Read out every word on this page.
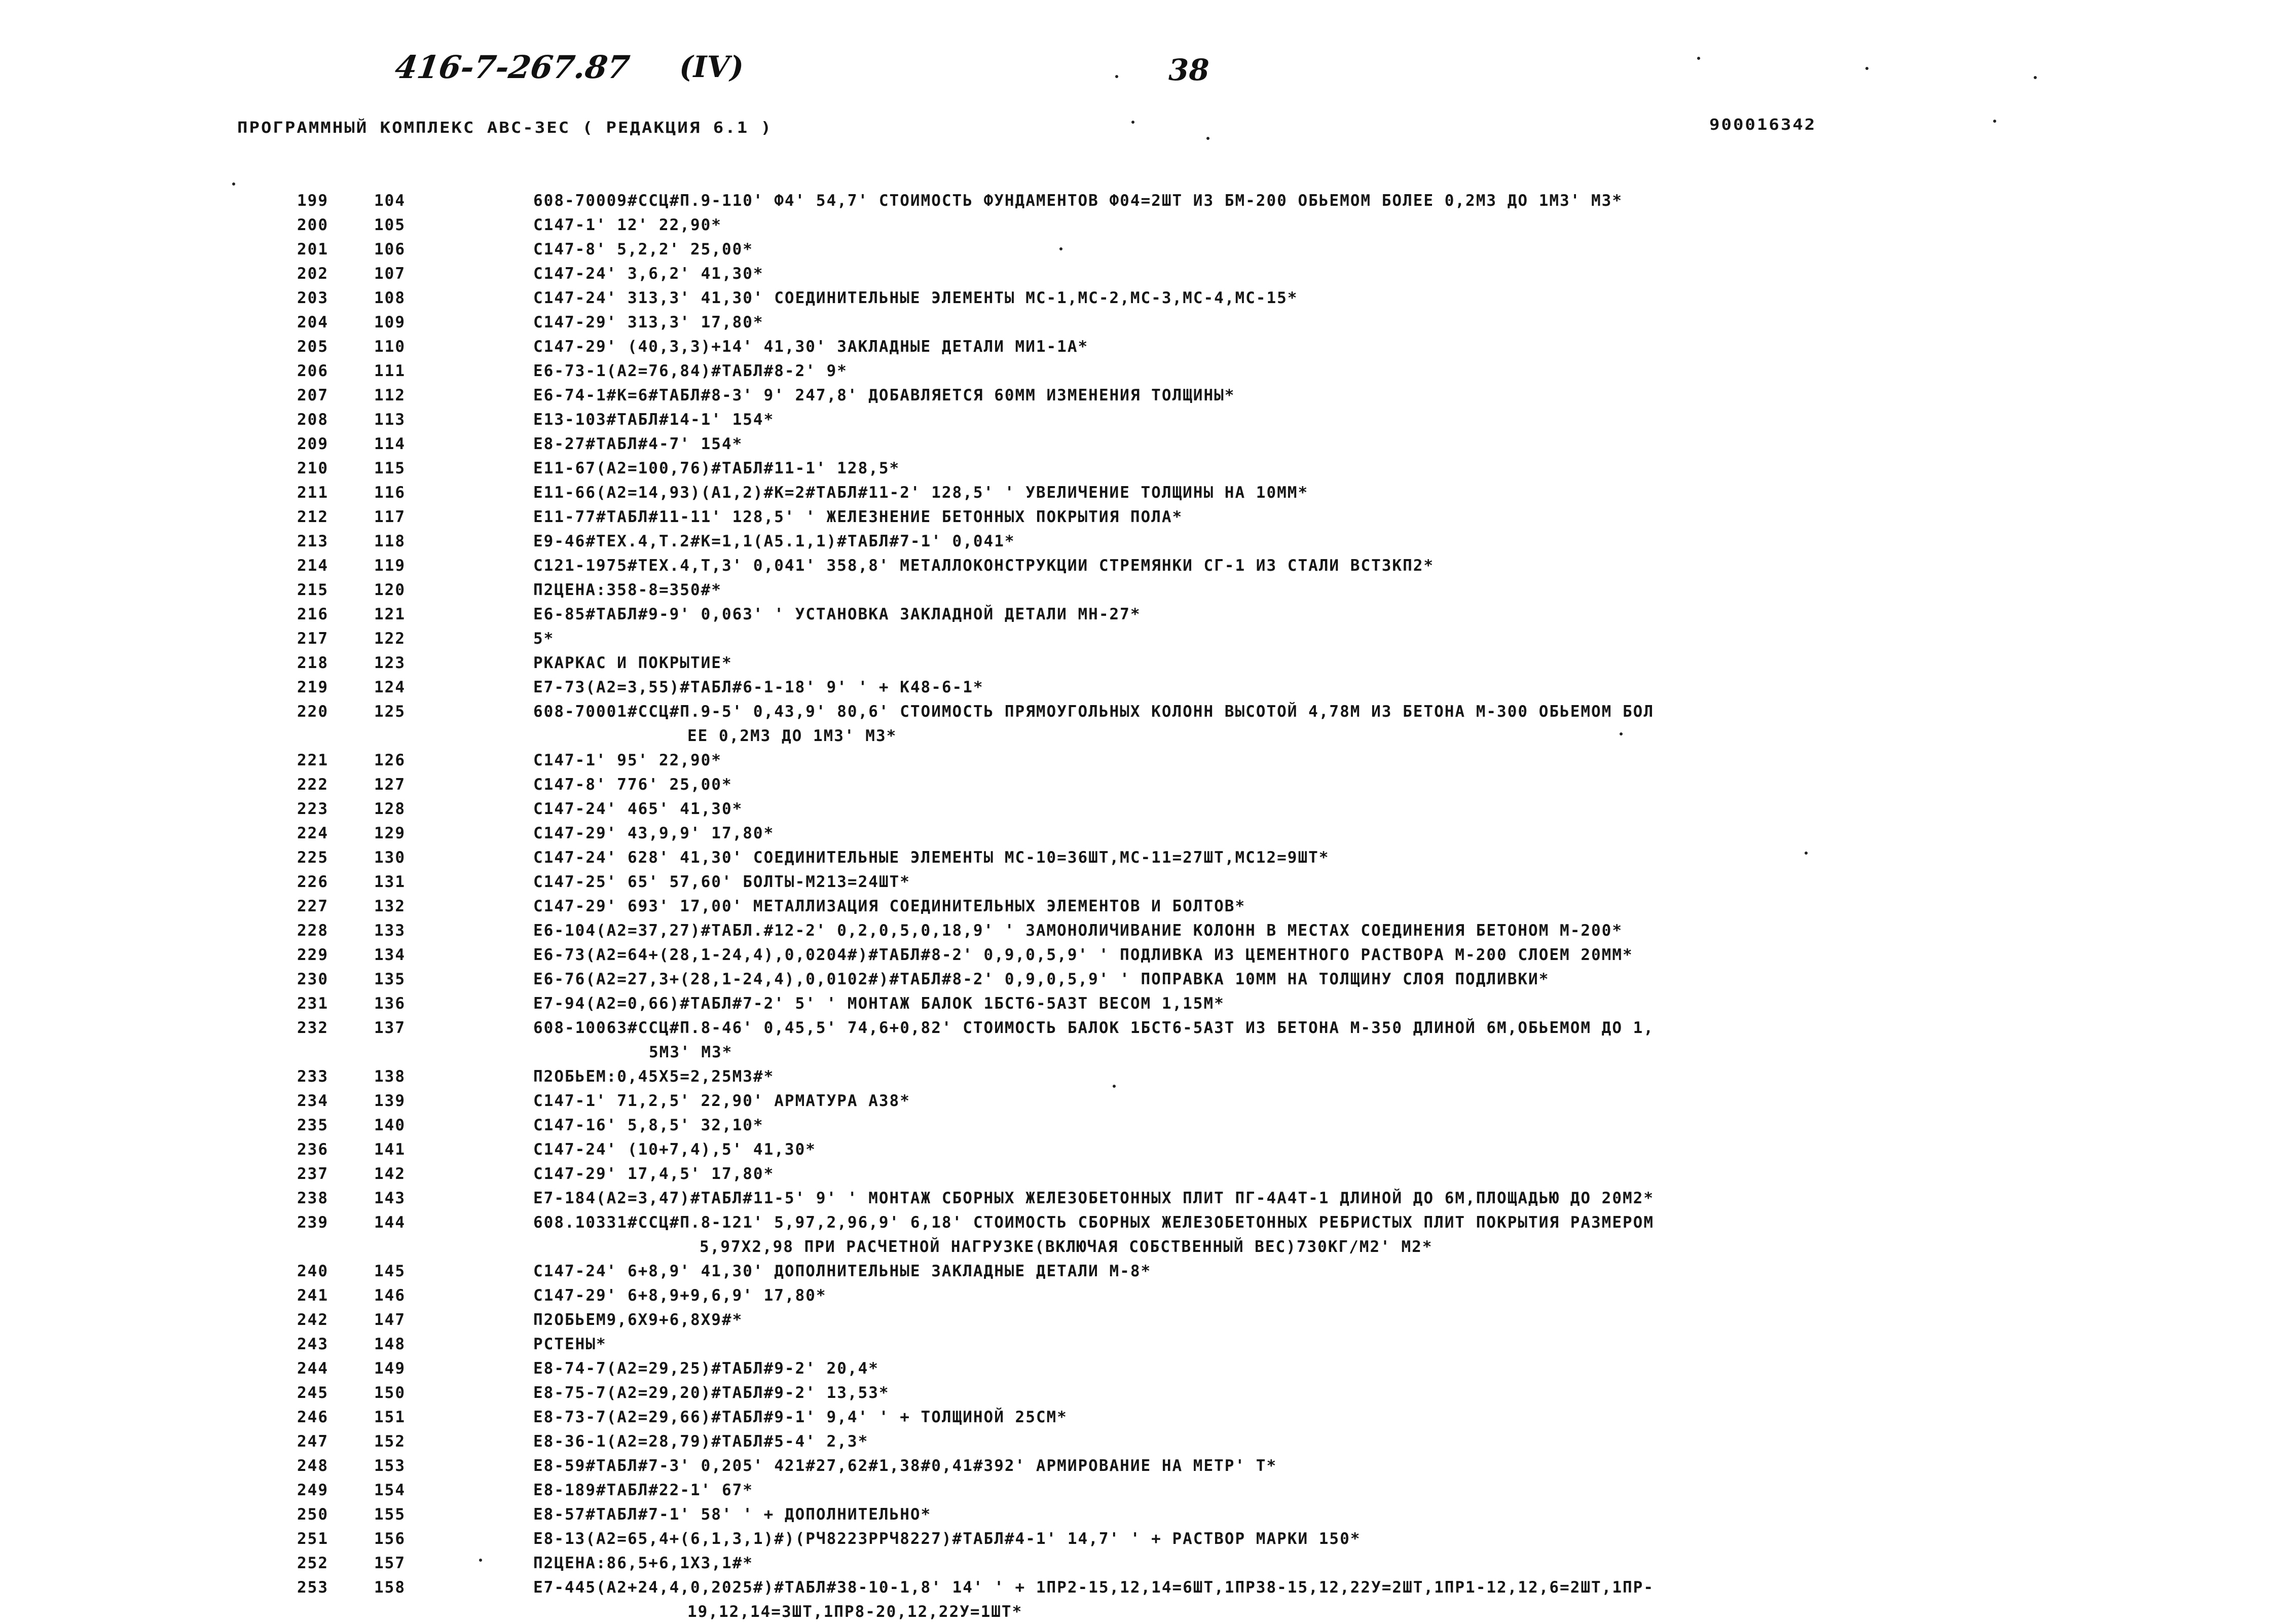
416-7-267.87 (IV)	38
ПРОГРАММНЫЙ КОМПЛЕКС АВС-3ЕС ( РЕДАКЦИЯ 6.1 )	900016342
199	104	608-70009#ССЦ#П.9-110' Ф4' 54,7' СТОИМОСТЬ ФУНДАМЕНТОВ Ф04=2ШТ ИЗ БМ-200 ОБЬЕМОМ БОЛЕЕ 0,2М3 ДО 1М3' М3*
200	105	С147-1' 12' 22,90*
201	106	С147-8' 5,2,2' 25,00*
202	107	С147-24' 3,6,2' 41,30*
203	108	С147-24' 313,3' 41,30' СОЕДИНИТЕЛЬНЫЕ ЭЛЕМЕНТЫ МС-1,МС-2,МС-3,МС-4,МС-15*
204	109	С147-29' 313,3' 17,80*
205	110	С147-29' (40,3,3)+14' 41,30' ЗАКЛАДНЫЕ ДЕТАЛИ МИ1-1А*
206	111	Е6-73-1(А2=76,84)#ТАБЛ#8-2' 9*
207	112	Е6-74-1#К=6#ТАБЛ#8-3' 9' 247,8' ДОБАВЛЯЕТСЯ 60ММ ИЗМЕНЕНИЯ ТОЛЩИНЫ*
208	113	Е13-103#ТАБЛ#14-1' 154*
209	114	Е8-27#ТАБЛ#4-7' 154*
210	115	Е11-67(А2=100,76)#ТАБЛ#11-1' 128,5*
211	116	Е11-66(А2=14,93)(А1,2)#К=2#ТАБЛ#11-2' 128,5' ' УВЕЛИЧЕНИЕ ТОЛЩИНЫ НА 10ММ*
212	117	Е11-77#ТАБЛ#11-11' 128,5' ' ЖЕЛЕЗНЕНИЕ БЕТОННЫХ ПОКРЫТИЯ ПОЛА*
213	118	Е9-46#ТЕХ.4,Т.2#К=1,1(А5.1,1)#ТАБЛ#7-1' 0,041*
214	119	С121-1975#ТЕХ.4,Т,3' 0,041' 358,8' МЕТАЛЛОКОНСТРУКЦИИ СТРЕМЯНКИ СГ-1 ИЗ СТАЛИ ВСТ3КП2*
215	120	П2ЦЕНА:358-8=350#*
216	121	Е6-85#ТАБЛ#9-9' 0,063' ' УСТАНОВКА ЗАКЛАДНОЙ ДЕТАЛИ МН-27*
217	122	5*
218	123	РКАРКАС И ПОКРЫТИЕ*
219	124	Е7-73(А2=3,55)#ТАБЛ#6-1-18' 9' ' + К48-6-1*
220	125	608-70001#ССЦ#П.9-5' 0,43,9' 80,6' СТОИМОСТЬ ПРЯМОУГОЛЬНЫХ КОЛОНН ВЫСОТОЙ 4,78М ИЗ БЕТОНА М-300 ОБЬЕМОМ БОЛ
ЕЕ 0,2М3 ДО 1М3' М3*
221	126	С147-1' 95' 22,90*
222	127	С147-8' 776' 25,00*
223	128	С147-24' 465' 41,30*
224	129	С147-29' 43,9,9' 17,80*
225	130	С147-24' 628' 41,30' СОЕДИНИТЕЛЬНЫЕ ЭЛЕМЕНТЫ МС-10=36ШТ,МС-11=27ШТ,МС12=9ШТ*
226	131	С147-25' 65' 57,60' БОЛТЫ-М213=24ШТ*
227	132	С147-29' 693' 17,00' МЕТАЛЛИЗАЦИЯ СОЕДИНИТЕЛЬНЫХ ЭЛЕМЕНТОВ И БОЛТОВ*
228	133	Е6-104(А2=37,27)#ТАБЛ.#12-2' 0,2,0,5,0,18,9' ' ЗАМОНОЛИЧИВАНИЕ КОЛОНН В МЕСТАХ СОЕДИНЕНИЯ БЕТОНОМ М-200*
229	134	Е6-73(А2=64+(28,1-24,4),0,0204#)#ТАБЛ#8-2' 0,9,0,5,9' ' ПОДЛИВКА ИЗ ЦЕМЕНТНОГО РАСТВОРА М-200 СЛОЕМ 20ММ*
230	135	Е6-76(А2=27,3+(28,1-24,4),0,0102#)#ТАБЛ#8-2' 0,9,0,5,9' ' ПОПРАВКА 10ММ НА ТОЛЩИНУ СЛОЯ ПОДЛИВКИ*
231	136	Е7-94(А2=0,66)#ТАБЛ#7-2' 5' ' МОНТАЖ БАЛОК 1БСТ6-5А3Т ВЕСОМ 1,15М*
232	137	608-10063#ССЦ#П.8-46' 0,45,5' 74,6+0,82' СТОИМОСТЬ БАЛОК 1БСТ6-5А3Т ИЗ БЕТОНА М-350 ДЛИНОЙ 6М,ОБЬЕМОМ ДО 1,
5М3' М3*
233	138	П2ОБЬЕМ:0,45Х5=2,25М3#*
234	139	С147-1' 71,2,5' 22,90' АРМАТУРА А38*
235	140	С147-16' 5,8,5' 32,10*
236	141	С147-24' (10+7,4),5' 41,30*
237	142	С147-29' 17,4,5' 17,80*
238	143	Е7-184(А2=3,47)#ТАБЛ#11-5' 9' ' МОНТАЖ СБОРНЫХ ЖЕЛЕЗОБЕТОННЫХ ПЛИТ ПГ-4А4Т-1 ДЛИНОЙ ДО 6М,ПЛОЩАДЬЮ ДО 20М2*
239	144	608.10331#ССЦ#П.8-121' 5,97,2,96,9' 6,18' СТОИМОСТЬ СБОРНЫХ ЖЕЛЕЗОБЕТОННЫХ РЕБРИСТЫХ ПЛИТ ПОКРЫТИЯ РАЗМЕРОМ
5,97Х2,98 ПРИ РАСЧЕТНОЙ НАГРУЗКЕ(ВКЛЮЧАЯ СОБСТВЕННЫЙ ВЕС)730КГ/М2' М2*
240	145	С147-24' 6+8,9' 41,30' ДОПОЛНИТЕЛЬНЫЕ ЗАКЛАДНЫЕ ДЕТАЛИ М-8*
241	146	С147-29' 6+8,9+9,6,9' 17,80*
242	147	П2ОБЬЕМ9,6Х9+6,8Х9#*
243	148	РСТЕНЫ*
244	149	Е8-74-7(А2=29,25)#ТАБЛ#9-2' 20,4*
245	150	Е8-75-7(А2=29,20)#ТАБЛ#9-2' 13,53*
246	151	Е8-73-7(А2=29,66)#ТАБЛ#9-1' 9,4' ' + ТОЛЩИНОЙ 25СМ*
247	152	Е8-36-1(А2=28,79)#ТАБЛ#5-4' 2,3*
248	153	Е8-59#ТАБЛ#7-3' 0,205' 421#27,62#1,38#0,41#392' АРМИРОВАНИЕ НА МЕТР' Т*
249	154	Е8-189#ТАБЛ#22-1' 67*
250	155	Е8-57#ТАБЛ#7-1' 58' ' + ДОПОЛНИТЕЛЬНО*
251	156	Е8-13(А2=65,4+(6,1,3,1)#)(РЧ8223РРЧ8227)#ТАБЛ#4-1' 14,7' ' + РАСТВОР МАРКИ 150*
252	157	П2ЦЕНА:86,5+6,1Х3,1#*
253	158	Е7-445(А2+24,4,0,2025#)#ТАБЛ#38-10-1,8' 14' ' + 1ПР2-15,12,14=6ШТ,1ПР38-15,12,22У=2ШТ,1ПР1-12,12,6=2ШТ,1ПР-
19,12,14=3ШТ,1ПР8-20,12,22У=1ШТ*
